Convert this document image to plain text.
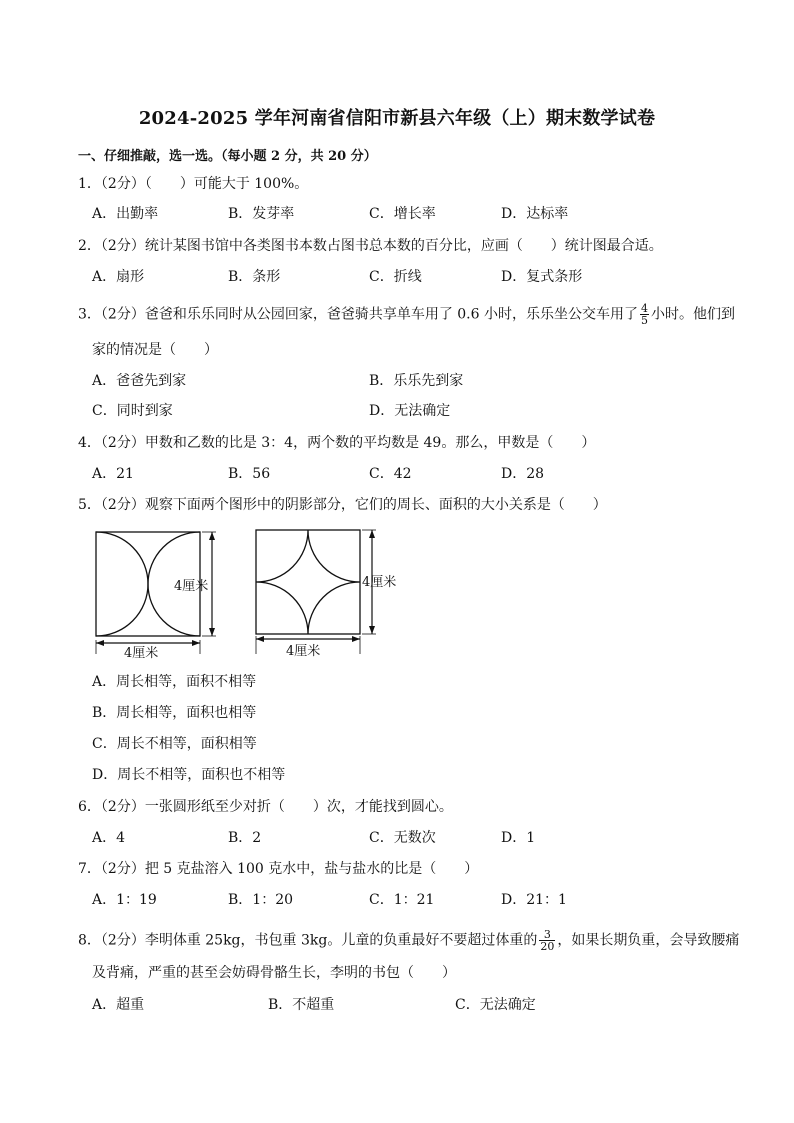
2024-2025 学年河南省信阳市新县六年级（上）期末数学试卷
一、仔细推敲，选一选。（每小题 2 分，共 20 分）
1．（2分）（　　）可能大于 100%。
A．出勤率	B．发芽率	C．增长率	D．达标率
2．（2分）统计某图书馆中各类图书本数占图书总本数的百分比，应画（　　）统计图最合适。
A．扇形	B．条形	C．折线	D．复式条形
3．（2分）爸爸和乐乐同时从公园回家，爸爸骑共享单车用了 0.6 小时，乐乐坐公交车用了 $\frac{4}{5}$ 小时。他们到
家的情况是（　　）
A．爸爸先到家	B．乐乐先到家
C．同时到家	D．无法确定
4．（2分）甲数和乙数的比是 3：4，两个数的平均数是 49。那么，甲数是（　　）
A．21	B．56	C．42	D．28
5．（2分）观察下面两个图形中的阴影部分，它们的周长、面积的大小关系是（　　）
4厘米
4厘米
4厘米
4厘米
A．周长相等，面积不相等
B．周长相等，面积也相等
C．周长不相等，面积相等
D．周长不相等，面积也不相等
6．（2分）一张圆形纸至少对折（　　）次，才能找到圆心。
A．4	B．2	C．无数次	D．1
7．（2分）把 5 克盐溶入 100 克水中，盐与盐水的比是（　　）
A．1：19	B．1：20	C．1：21	D．21：1
8．（2分）李明体重 25kg，书包重 3kg。儿童的负重最好不要超过体重的 $\frac{3}{20}$ ，如果长期负重，会导致腰痛
及背痛，严重的甚至会妨碍骨骼生长，李明的书包（　　）
A．超重	B．不超重	C．无法确定
